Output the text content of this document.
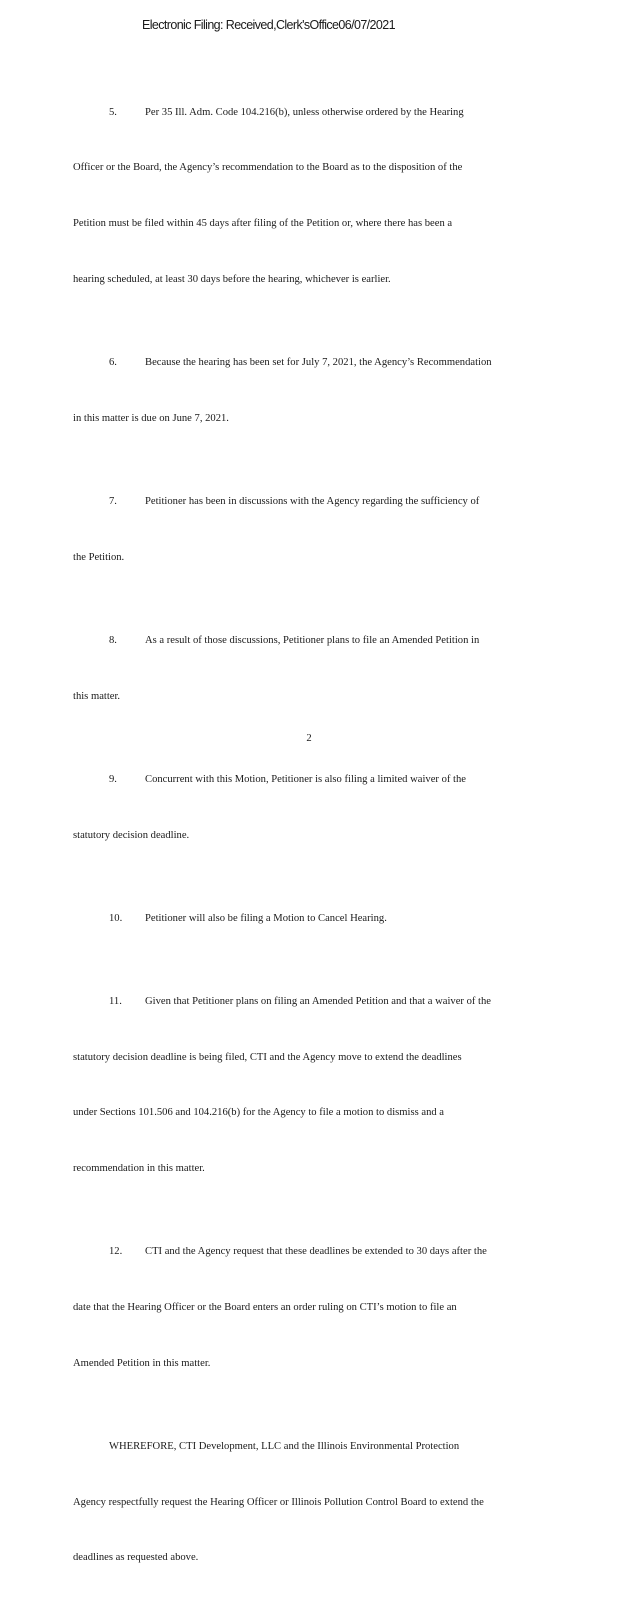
Electronic Filing: Received,Clerk'sOffice06/07/2021

5.	Per 35 Ill. Adm. Code 104.216(b), unless otherwise ordered by the Hearing

Officer or the Board, the Agency’s recommendation to the Board as to the disposition of the

Petition must be filed within 45 days after filing of the Petition or, where there has been a

hearing scheduled, at least 30 days before the hearing, whichever is earlier.

6.	Because the hearing has been set for July 7, 2021, the Agency’s Recommendation

in this matter is due on June 7, 2021.

7.	Petitioner has been in discussions with the Agency regarding the sufficiency of

the Petition.

8.	As a result of those discussions, Petitioner plans to file an Amended Petition in

this matter.

9.	Concurrent with this Motion, Petitioner is also filing a limited waiver of the

statutory decision deadline.

10. Petitioner will also be filing a Motion to Cancel Hearing.

11. Given that Petitioner plans on filing an Amended Petition and that a waiver of the

statutory decision deadline is being filed, CTI and the Agency move to extend the deadlines

under Sections 101.506 and 104.216(b) for the Agency to file a motion to dismiss and a

recommendation in this matter.

12. CTI and the Agency request that these deadlines be extended to 30 days after the

date that the Hearing Officer or the Board enters an order ruling on CTI’s motion to file an

Amended Petition in this matter.

WHEREFORE, CTI Development, LLC and the Illinois Environmental Protection

Agency respectfully request the Hearing Officer or Illinois Pollution Control Board to extend the

deadlines as requested above.

2
